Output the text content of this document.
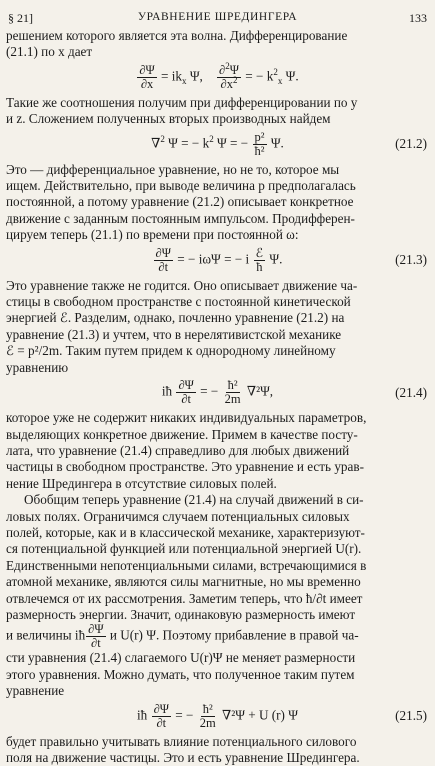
§ 21]	УРАВНЕНИЕ ШРЕДИНГЕРА	133

решением которого является эта волна. Дифференцирование

(21.1) по x дает

$\frac{\partial\Psi}{\partial x} = ik_x$ Ψ, $\frac{\partial^2\Psi}{\partial x^2}$ = − $k^2_x$ Ψ.

Такие же соотношения получим при дифференцировании по y

и z. Сложением полученных вторых производных найдем

∇$^2$ Ψ = − $k^2$ Ψ = − $\frac{\text{p²}}{\text{ħ²}} \Psi$.	(21.2)

Это — дифференциальное уравнение, но не то, которое мы

ищем. Действительно, при выводе величина p предполагалась

постоянной, а потому уравнение (21.2) описывает конкретное

движение с заданным постоянным импульсом. Продифферен-

цируем теперь (21.1) по времени при постоянной ω:

$\frac{\partial\Psi}{\partial t}$ = − iωΨ = − i $\frac{\text{ℰ}}{ħ} \Psi$.	(21.3)

Это уравнение также не годится. Оно описывает движение ча-

стицы в свободном пространстве с постоянной кинетической

энергией ℰ. Разделим, однако, почленно уравнение (21.2) на

уравнение (21.3) и учтем, что в нерелятивистской механике

ℰ = p²/2m. Таким путем придем к однородному линейному

уравнению

iħ $\frac{\partial\Psi}{\partial t}$ = − $\frac{\text{ħ²}}{2m} \nabla^2\Psi$,	(21.4)

которое уже не содержит никаких индивидуальных параметров,

выделяющих конкретное движение. Примем в качестве посту-

лата, что уравнение (21.4) справедливо для любых движений

частицы в свободном пространстве. Это уравнение и есть урав-

нение Шредингера в отсутствие силовых полей.

Обобщим теперь уравнение (21.4) на случай движений в си-

ловых полях. Ограничимся случаем потенциальных силовых

полей, которые, как и в классической механике, характеризуют-

ся потенциальной функцией или потенциальной энергией U(r).

Единственными непотенциальными силами, встречающимися в

атомной механике, являются силы магнитные, но мы временно

отвлечемся от их рассмотрения. Заметим теперь, что ħ/∂t имеет

размерность энергии. Значит, одинаковую размерность имеют

и величины iħ $\frac{\partial\Psi}{\partial t}$ и U(r) Ψ. Поэтому прибавление в правой ча-

сти уравнения (21.4) слагаемого U(r)Ψ не меняет размерности

этого уравнения. Можно думать, что полученное таким путем

уравнение

iħ $\frac{\partial\Psi}{\partial t}$ = − $\frac{\text{ħ²}}{2m} \nabla^2\Psi + U$ (r) Ψ	(21.5)

будет правильно учитывать влияние потенциального силового

поля на движение частицы. Это и есть уравнение Шредингера.
